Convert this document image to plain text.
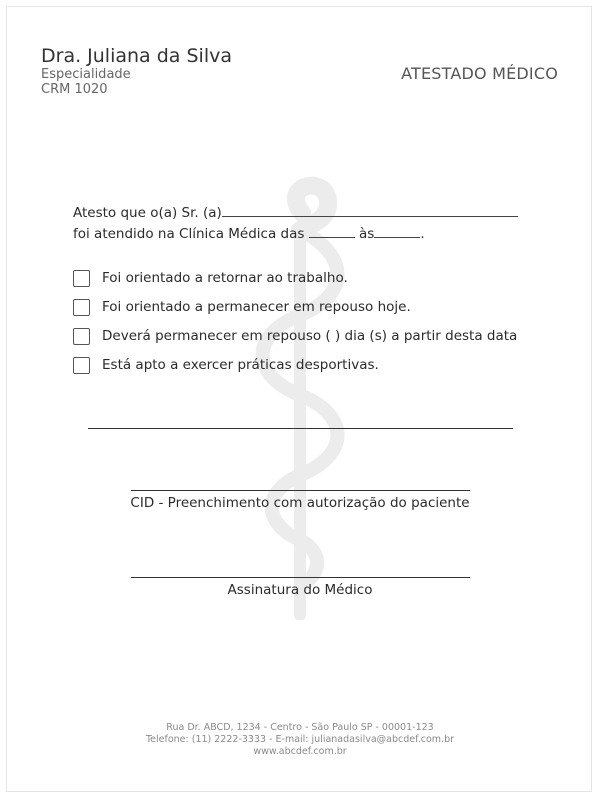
Dra. Juliana da Silva
Especialidade
CRM 1020
ATESTADO MÉDICO
Atesto que o(a) Sr. (a)
foi atendido na Clínica Médica das	às	.
Foi orientado a retornar ao trabalho.
Foi orientado a permanecer em repouso hoje.
Deverá permanecer em repouso ( ) dia (s) a partir desta data
Está apto a exercer práticas desportivas.
CID - Preenchimento com autorização do paciente
Assinatura do Médico
Rua Dr. ABCD, 1234 - Centro - São Paulo SP - 00001-123
Telefone: (11) 2222-3333 - E-mail: julianadasilva@abcdef.com.br
www.abcdef.com.br
